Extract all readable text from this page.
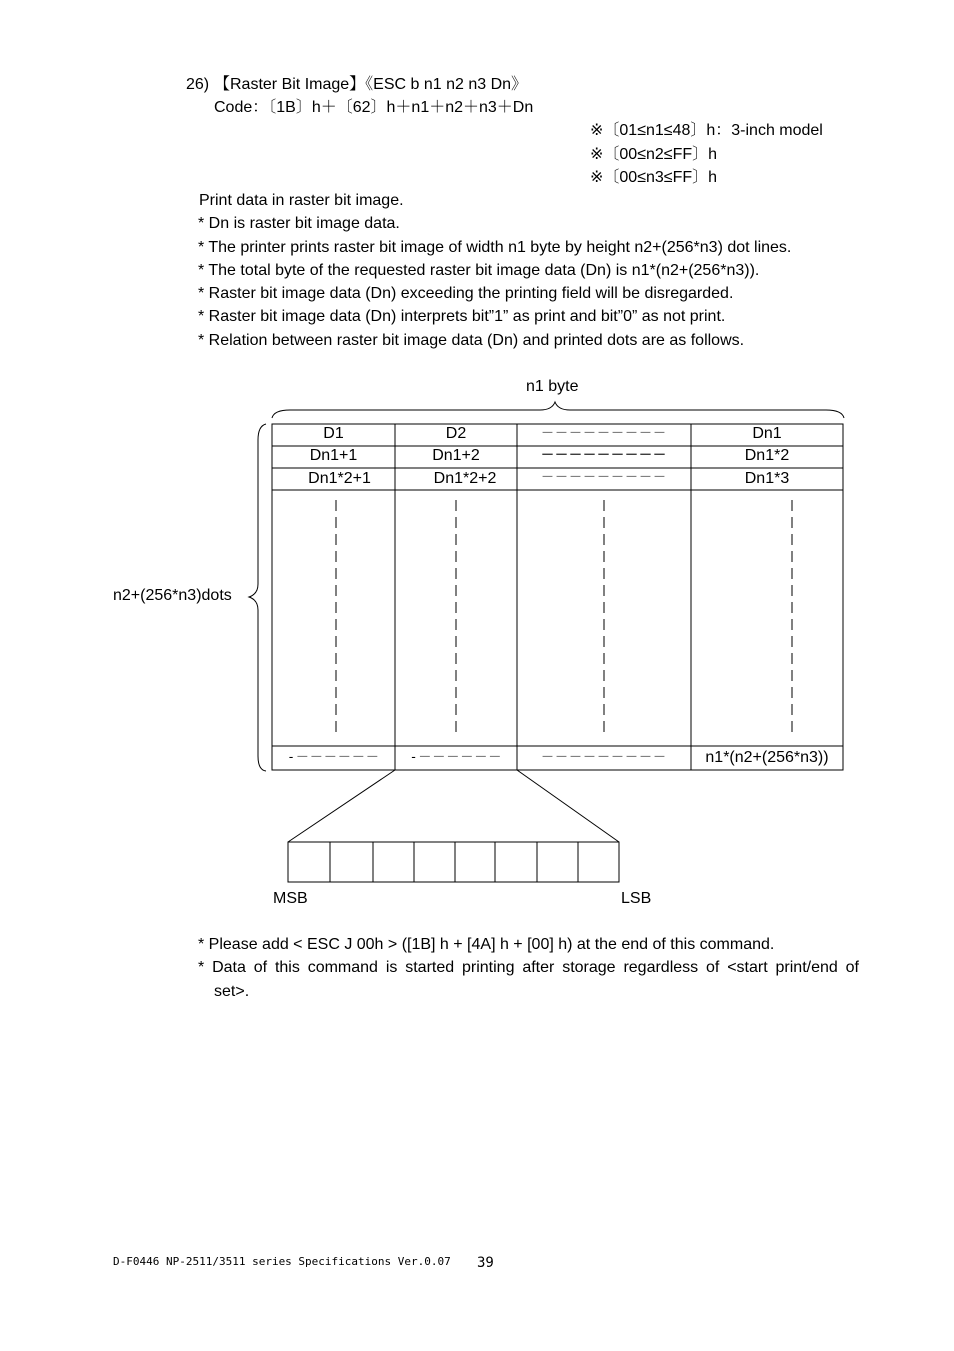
26) 【Raster Bit Image】《ESC b n1 n2 n3 Dn》
Code：〔1B〕h＋〔62〕h＋n1＋n2＋n3＋Dn
※〔01≤n1≤48〕h：3-inch model
※〔00≤n2≤FF〕h
※〔00≤n3≤FF〕h
Print data in raster bit image.
* Dn is raster bit image data.
* The printer prints raster bit image of width n1 byte by height n2+(256*n3) dot lines.
* The total byte of the requested raster bit image data (Dn) is n1*(n2+(256*n3)).
* Raster bit image data (Dn) exceeding the printing field will be disregarded.
* Raster bit image data (Dn) interprets bit”1” as print and bit”0” as not print.
* Relation between raster bit image data (Dn) and printed dots are as follows.
n1 byte
n2+(256*n3)dots
D1	D2	－－－－－－－－－	Dn1
Dn1+1	Dn1+2	－－－－－－－－－	Dn1*2
Dn1*2+1	Dn1*2+2	－－－－－－－－－	Dn1*3
-－－－－－－	-－－－－－－	－－－－－－－－－	n1*(n2+(256*n3))
MSB	LSB
* Please add < ESC J 00h > ([1B] h + [4A] h + [00] h) at the end of this command.
* Data of this command is started printing after storage regardless of <start print/end of
set>.
D-F0446 NP-2511/3511 series Specifications Ver.0.07 39
